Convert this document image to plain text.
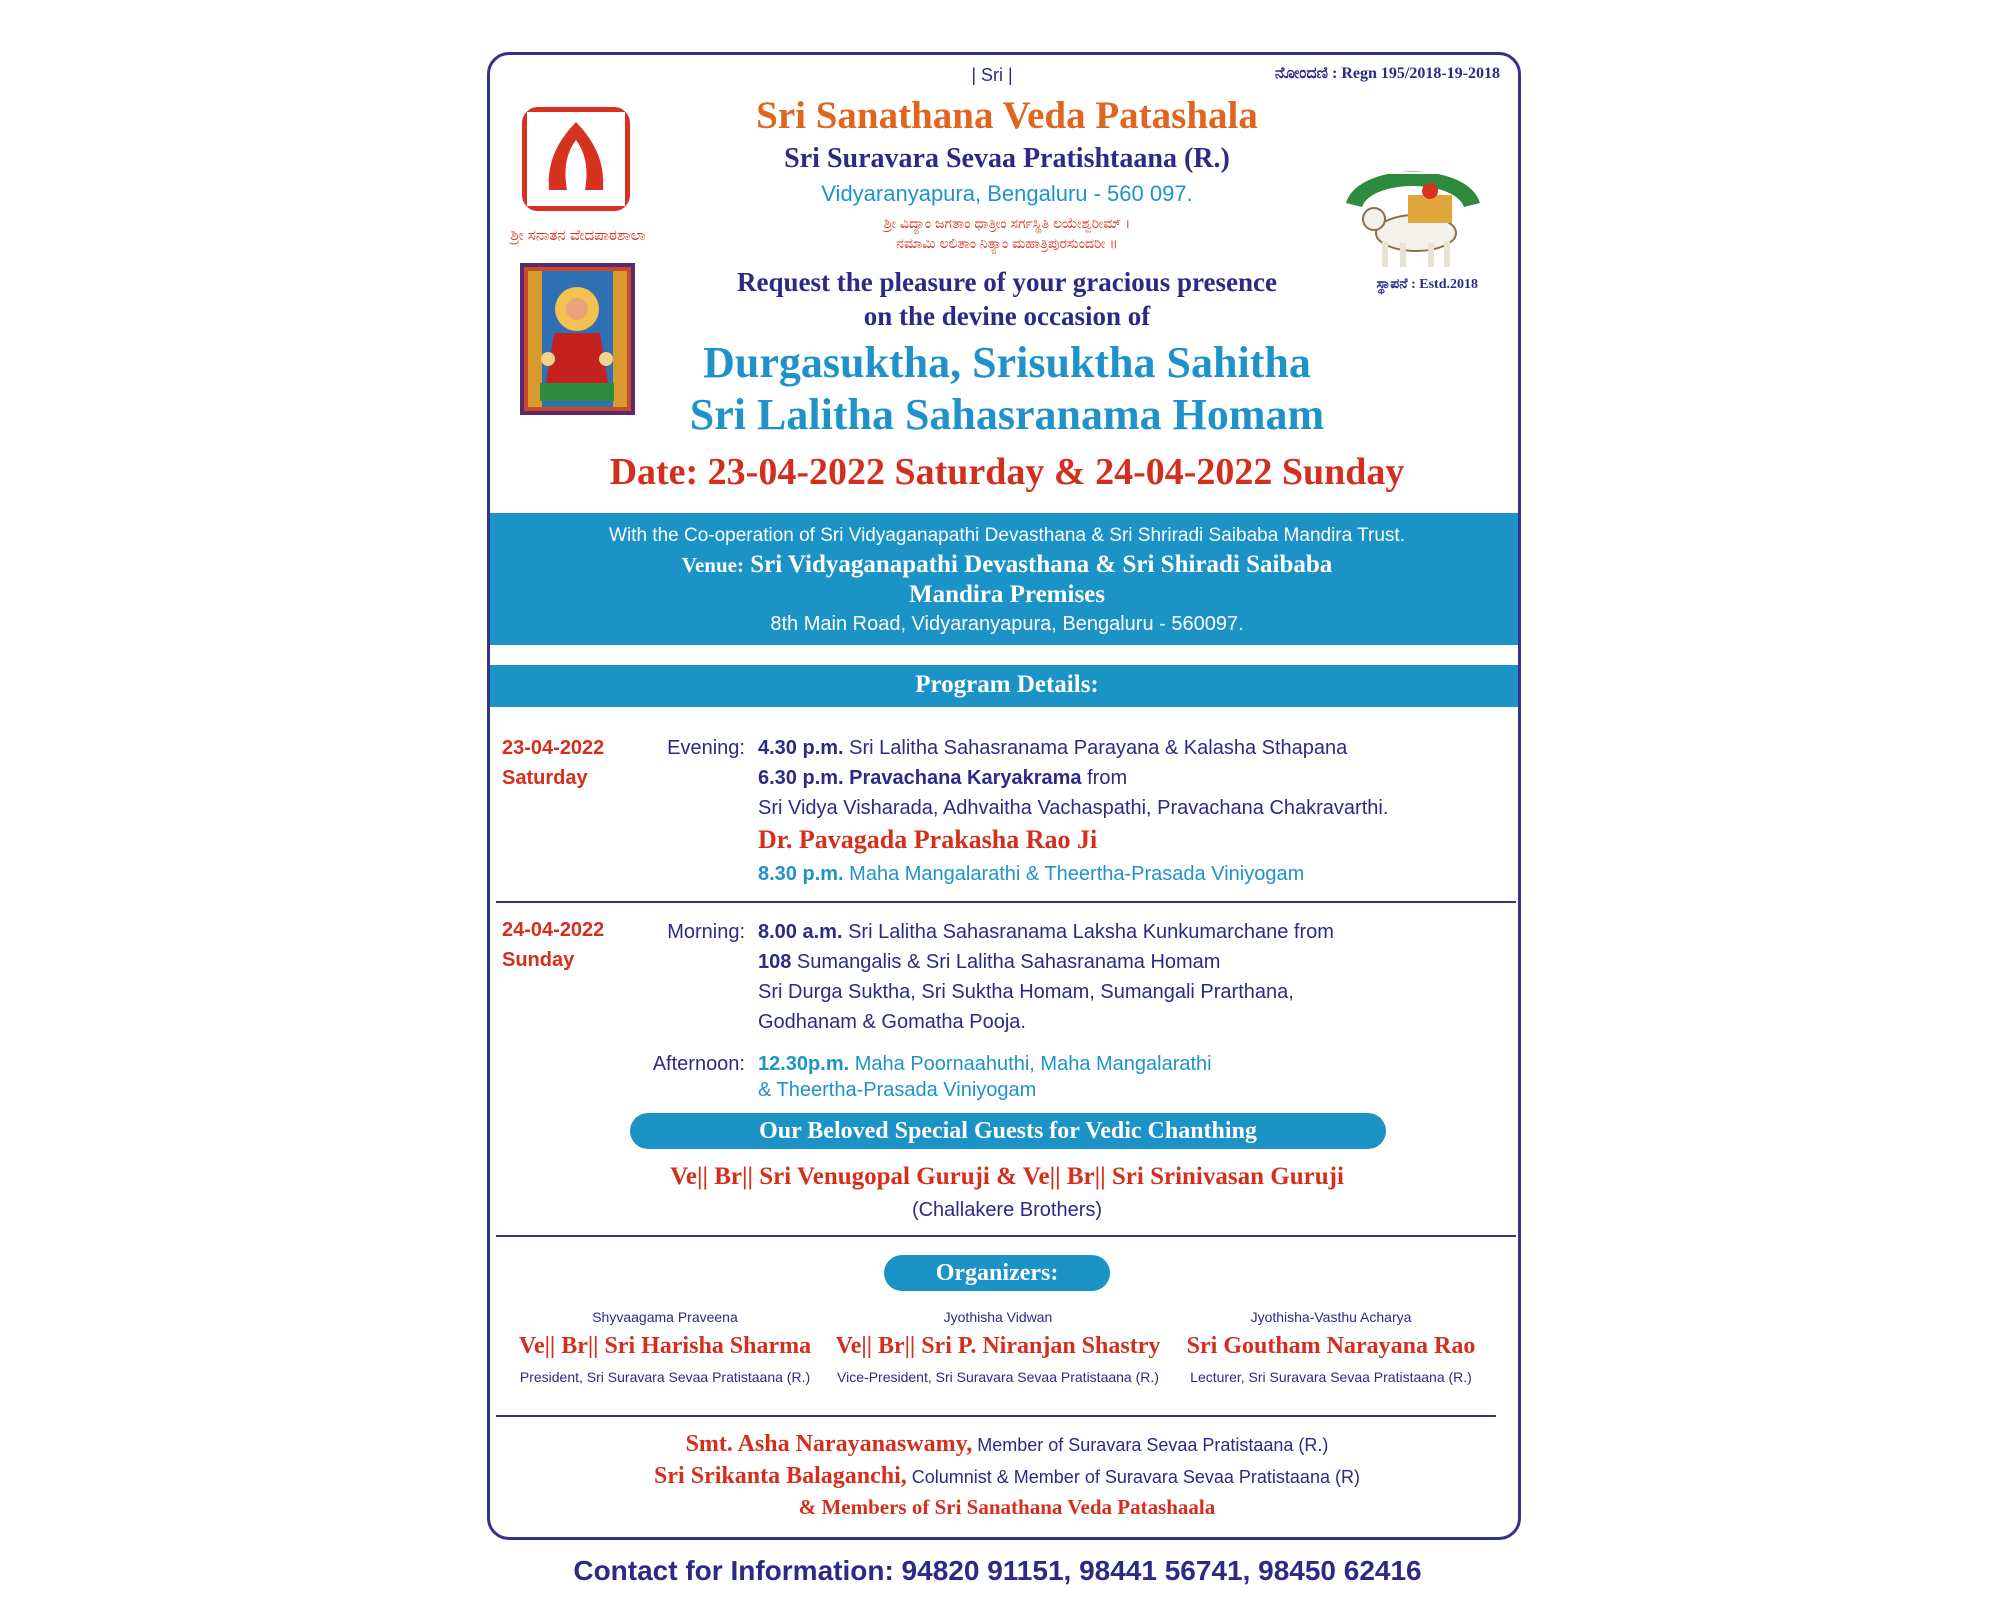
| Sri |	ನೋಂದಣಿ : Regn 195/2018-19-2018
ಶ್ರೀ ಸನಾತನ ವೇದಪಾಠಶಾಲಾ
ಸ್ಥಾಪನೆ : Estd.2018
Sri Sanathana Veda Patashala
Sri Suravara Sevaa Pratishtaana (R.)
Vidyaranyapura, Bengaluru - 560 097.
ಶ್ರೀ ವಿದ್ಯಾಂ ಜಗತಾಂ ಧಾತ್ರೀಂ ಸರ್ಗಸ್ಥಿತಿ ಲಯೇಶ್ವರೀಮ್ ।
ನಮಾಮಿ ಲಲಿತಾಂ ನಿತ್ಯಾಂ ಮಹಾತ್ರಿಪುರಸುಂದರೀ ॥
Request the pleasure of your gracious presence
on the devine occasion of
Durgasuktha, Srisuktha Sahitha
Sri Lalitha Sahasranama Homam
Date: 23-04-2022 Saturday & 24-04-2022 Sunday
With the Co-operation of Sri Vidyaganapathi Devasthana & Sri Shriradi Saibaba Mandira Trust.
Venue: Sri Vidyaganapathi Devasthana & Sri Shiradi Saibaba
Mandira Premises
8th Main Road, Vidyaranyapura, Bengaluru - 560097.
Program Details:
23-04-2022
Saturday
Evening: 4.30 p.m. Sri Lalitha Sahasranama Parayana & Kalasha Sthapana
6.30 p.m. Pravachana Karyakrama from
Sri Vidya Visharada, Adhvaitha Vachaspathi, Pravachana Chakravarthi.
Dr. Pavagada Prakasha Rao Ji
8.30 p.m. Maha Mangalarathi & Theertha-Prasada Viniyogam
24-04-2022
Sunday
Morning: 8.00 a.m. Sri Lalitha Sahasranama Laksha Kunkumarchane from
108 Sumangalis & Sri Lalitha Sahasranama Homam
Sri Durga Suktha, Sri Suktha Homam, Sumangali Prarthana,
Godhanam & Gomatha Pooja.
Afternoon: 12.30p.m. Maha Poornaahuthi, Maha Mangalarathi
& Theertha-Prasada Viniyogam
Our Beloved Special Guests for Vedic Chanthing
Ve|| Br|| Sri Venugopal Guruji & Ve|| Br|| Sri Srinivasan Guruji
(Challakere Brothers)
Organizers:
Shyvaagama Praveena
Ve|| Br|| Sri Harisha Sharma
President, Sri Suravara Sevaa Pratistaana (R.)
Jyothisha Vidwan
Ve|| Br|| Sri P. Niranjan Shastry
Vice-President, Sri Suravara Sevaa Pratistaana (R.)
Jyothisha-Vasthu Acharya
Sri Goutham Narayana Rao
Lecturer, Sri Suravara Sevaa Pratistaana (R.)
Smt. Asha Narayanaswamy, Member of Suravara Sevaa Pratistaana (R.)
Sri Srikanta Balaganchi, Columnist & Member of Suravara Sevaa Pratistaana (R)
& Members of Sri Sanathana Veda Patashaala
Contact for Information: 94820 91151, 98441 56741, 98450 62416
